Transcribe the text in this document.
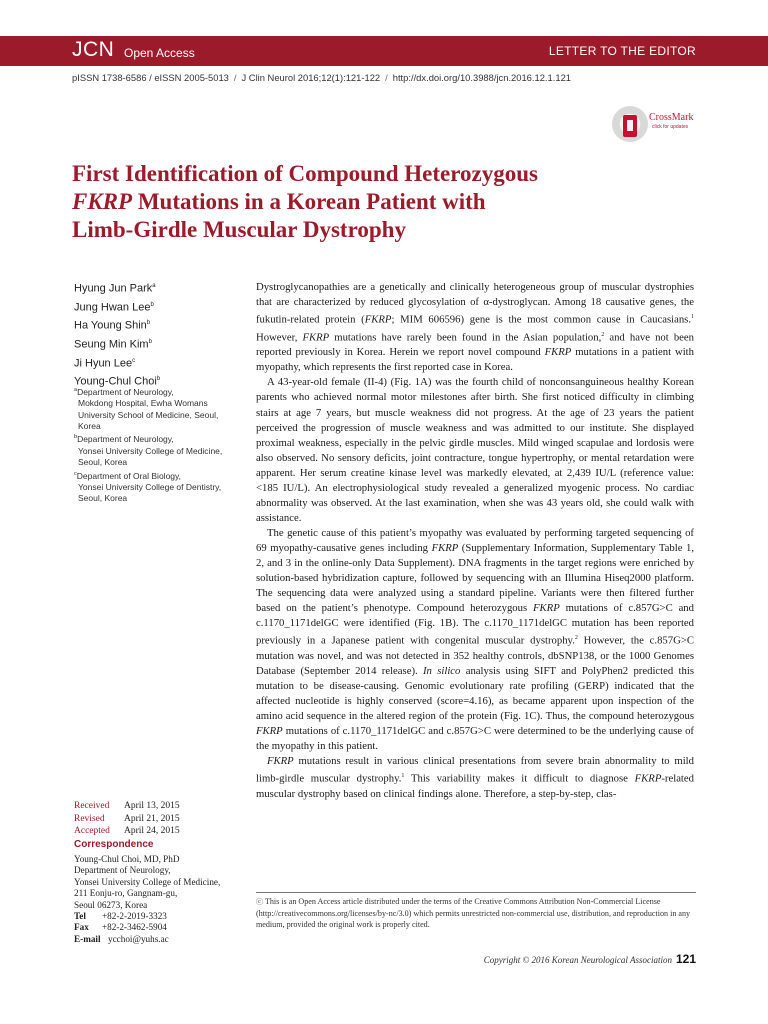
JCN Open Access	LETTER TO THE EDITOR
pISSN 1738-6586 / eISSN 2005-5013 / J Clin Neurol 2016;12(1):121-122 / http://dx.doi.org/10.3988/jcn.2016.12.1.121
CrossMark
click for updates
First Identification of Compound Heterozygous
FKRP Mutations in a Korean Patient with
Limb-Girdle Muscular Dystrophy
Hyung Jun Park$^a$
Jung Hwan Lee$^b$
Ha Young Shin$^b$
Seung Min Kim$^b$
Ji Hyun Lee$^c$
Young-Chul Choi$^b$
$^a$Department of Neurology,
Mokdong Hospital, Ewha Womans
University School of Medicine, Seoul,
Korea
$^b$Department of Neurology,
Yonsei University College of Medicine,
Seoul, Korea
$^c$Department of Oral Biology,
Yonsei University College of Dentistry,
Seoul, Korea
Received	April 13, 2015
Revised	April 21, 2015
Accepted	April 24, 2015
Correspondence
Young-Chul Choi, MD, PhD
Department of Neurology,
Yonsei University College of Medicine,
211 Eonju-ro, Gangnam-gu,
Seoul 06273, Korea
Tel +82-2-2019-3323
Fax +82-2-3462-5904
E-mail ycchoi@yuhs.ac

Dystroglycanopathies are a genetically and clinically heterogeneous group of muscular dystrophies that are characterized by reduced glycosylation of α-dystroglycan. Among 18 causative genes, the fukutin-related protein (FKRP; MIM 606596) gene is the most common cause in Caucasians.$^1$ However, FKRP mutations have rarely been found in the Asian population,$^2$ and have not been reported previously in Korea. Herein we report novel compound FKRP mutations in a patient with myopathy, which represents the first reported case in Korea.

A 43-year-old female (II-4) (Fig. 1A) was the fourth child of nonconsanguineous healthy Korean parents who achieved normal motor milestones after birth. She first noticed difficulty in climbing stairs at age 7 years, but muscle weakness did not progress. At the age of 23 years the patient perceived the progression of muscle weakness and was admitted to our institute. She displayed proximal weakness, especially in the pelvic girdle muscles. Mild winged scapulae and lordosis were also observed. No sensory deficits, joint contracture, tongue hypertrophy, or mental retardation were apparent. Her serum creatine kinase level was markedly elevated, at 2,439 IU/L (reference value: <185 IU/L). An electrophysiological study revealed a generalized myogenic process. No cardiac abnormality was observed. At the last examination, when she was 43 years old, she could walk with assistance.

The genetic cause of this patient’s myopathy was evaluated by performing targeted sequencing of 69 myopathy-causative genes including FKRP (Supplementary Information, Supplementary Table 1, 2, and 3 in the online-only Data Supplement). DNA fragments in the target regions were enriched by solution-based hybridization capture, followed by sequencing with an Illumina Hiseq2000 platform. The sequencing data were analyzed using a standard pipeline. Variants were then filtered further based on the patient’s phenotype. Compound heterozygous FKRP mutations of c.857G>C and c.1170_1171delGC were identified (Fig. 1B). The c.1170_1171delGC mutation has been reported previously in a Japanese patient with congenital muscular dystrophy.$^2$ However, the c.857G>C mutation was novel, and was not detected in 352 healthy controls, dbSNP138, or the 1000 Genomes Database (September 2014 release). In silico analysis using SIFT and PolyPhen2 predicted this mutation to be disease-causing. Genomic evolutionary rate profiling (GERP) indicated that the affected nucleotide is highly conserved (score=4.16), as became apparent upon inspection of the amino acid sequence in the altered region of the protein (Fig. 1C). Thus, the compound heterozygous FKRP mutations of c.1170_1171delGC and c.857G>C were determined to be the underlying cause of the myopathy in this patient.

FKRP mutations result in various clinical presentations from severe brain abnormality to mild limb-girdle muscular dystrophy.$^1$ This variability makes it difficult to diagnose FKRP-related muscular dystrophy based on clinical findings alone. Therefore, a step-by-step, clas-

ⓒ This is an Open Access article distributed under the terms of the Creative Commons Attribution Non-Commercial License (http://creativecommons.org/licenses/by-nc/3.0) which permits unrestricted non-commercial use, distribution, and reproduction in any medium, provided the original work is properly cited.
Copyright © 2016 Korean Neurological Association 121
